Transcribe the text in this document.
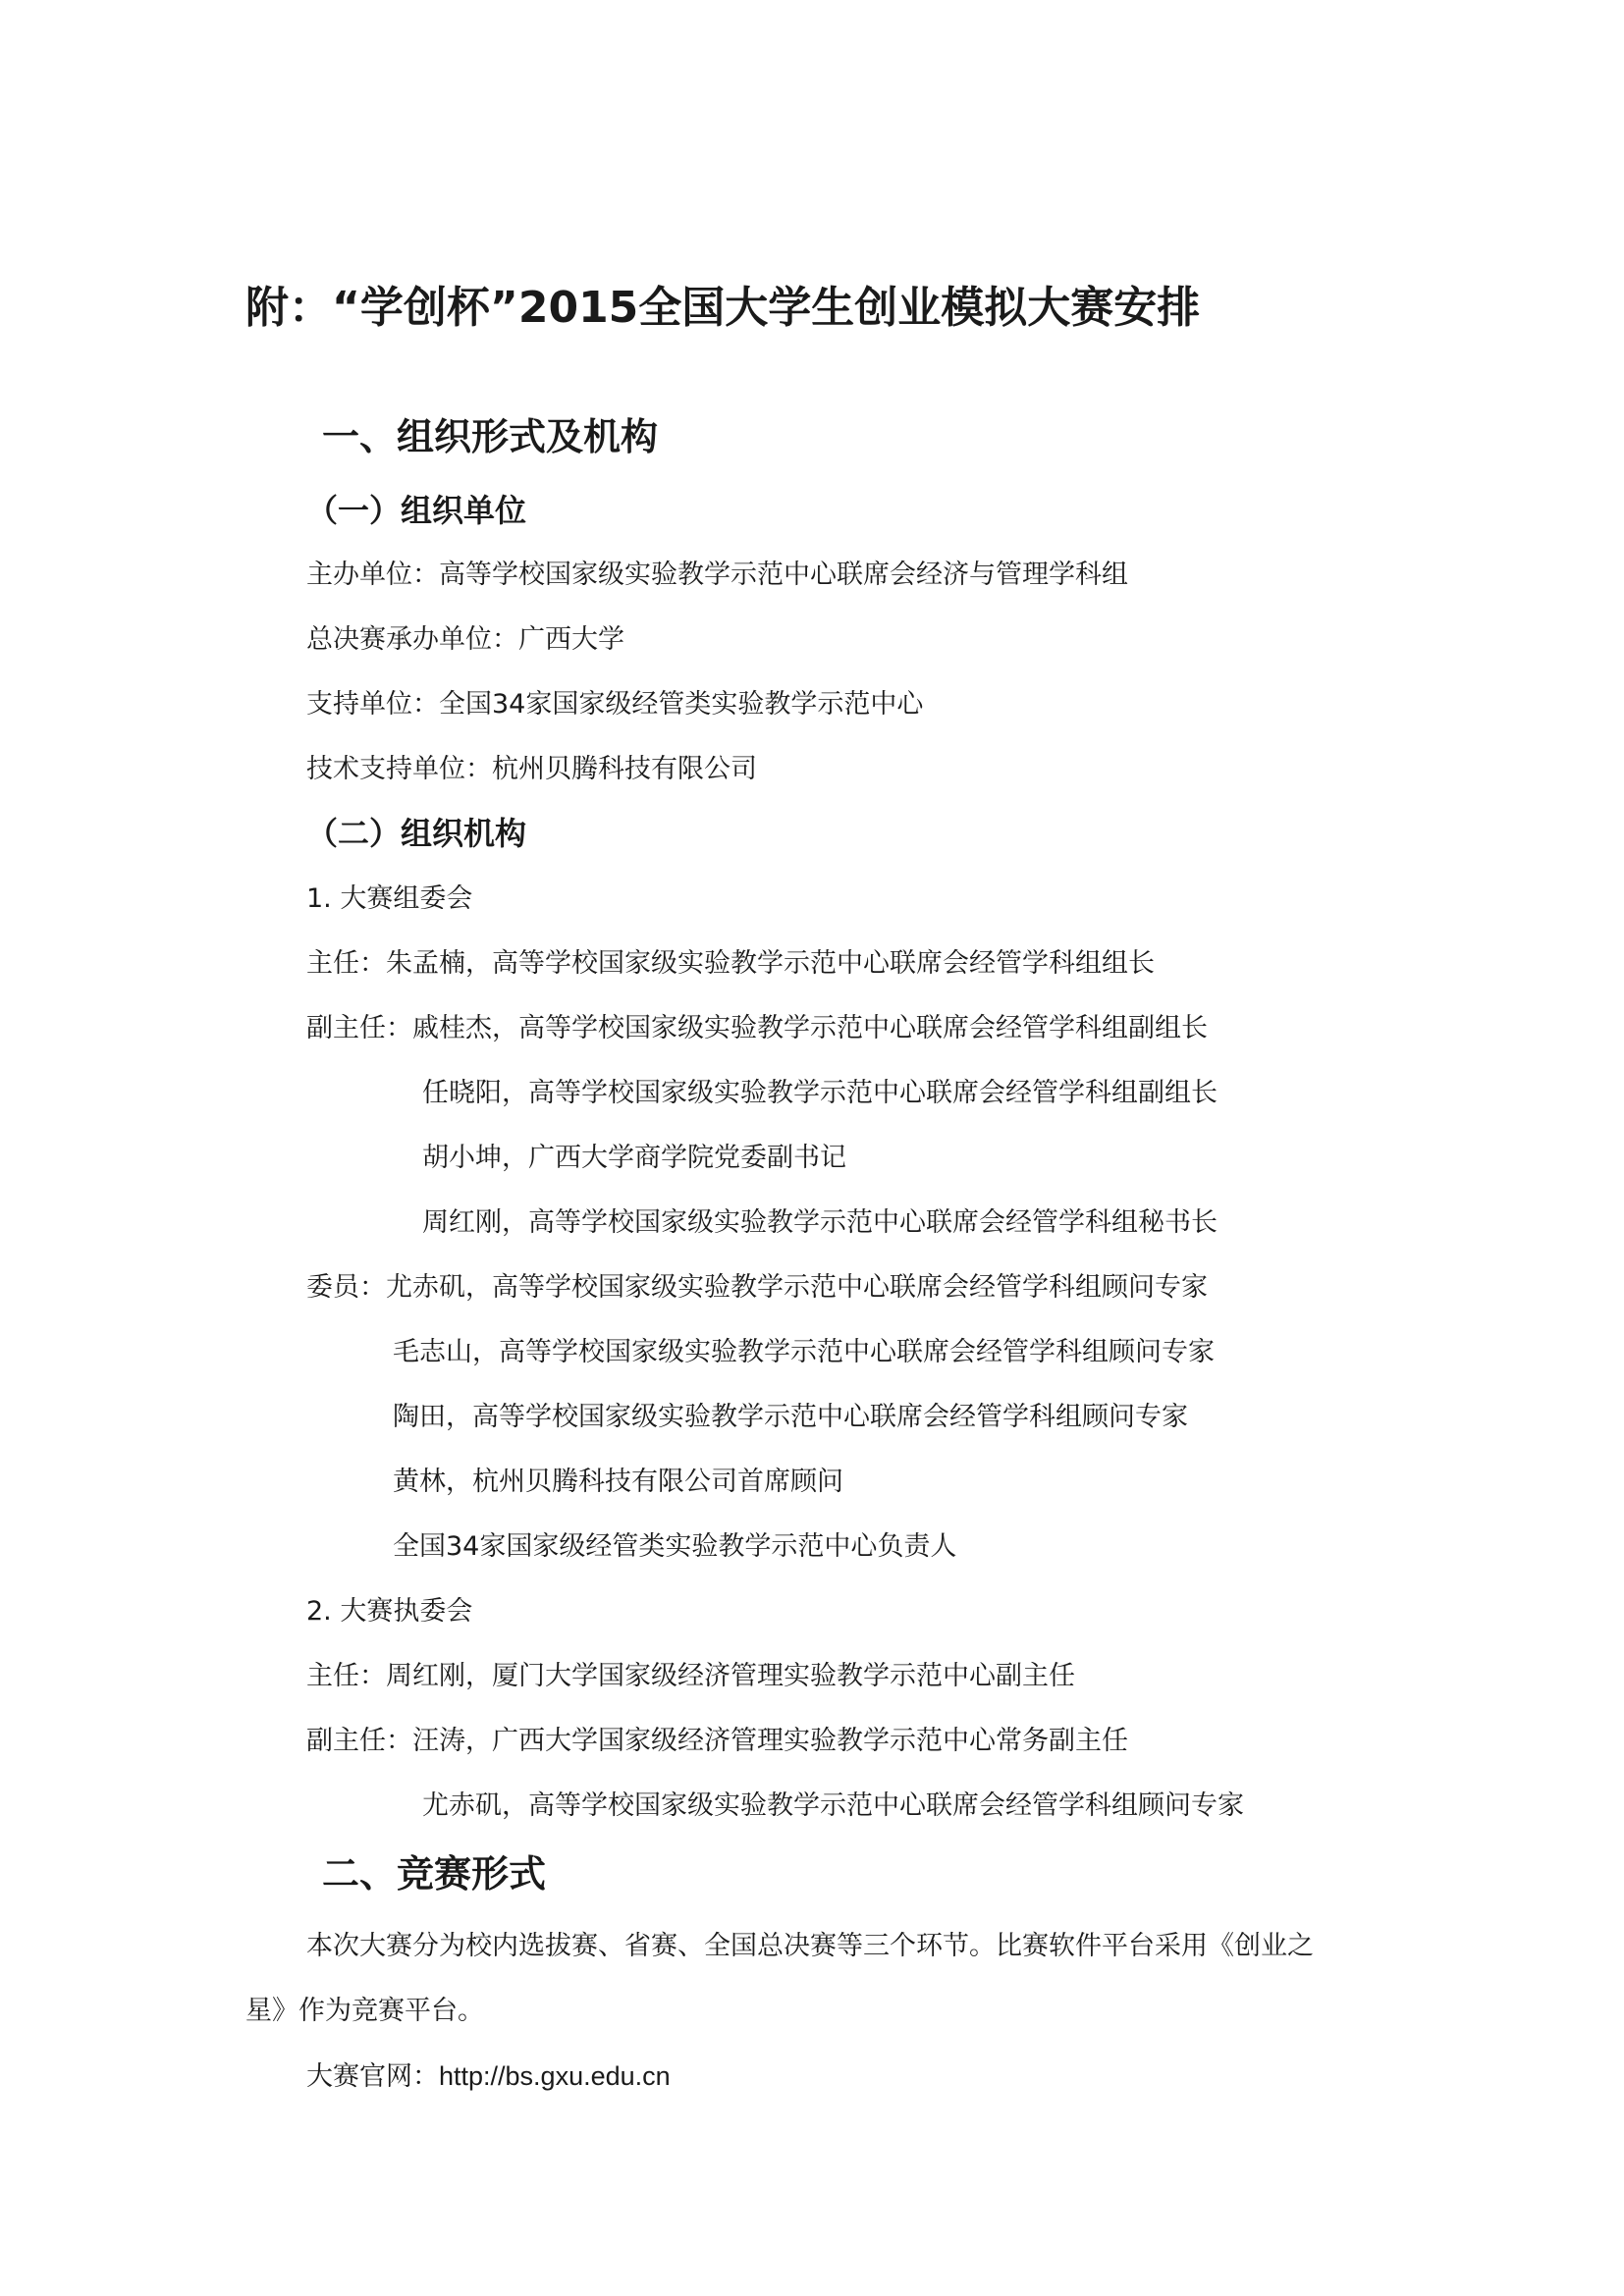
附：“学创杯”2015全国大学生创业模拟大赛安排
一、组织形式及机构
（一）组织单位
主办单位：高等学校国家级实验教学示范中心联席会经济与管理学科组
总决赛承办单位：广西大学
支持单位：全国34家国家级经管类实验教学示范中心
技术支持单位：杭州贝腾科技有限公司
（二）组织机构
1. 大赛组委会
主任：朱孟楠，高等学校国家级实验教学示范中心联席会经管学科组组长
副主任：戚桂杰，高等学校国家级实验教学示范中心联席会经管学科组副组长
任晓阳，高等学校国家级实验教学示范中心联席会经管学科组副组长
胡小坤，广西大学商学院党委副书记
周红刚，高等学校国家级实验教学示范中心联席会经管学科组秘书长
委员：尤赤矶，高等学校国家级实验教学示范中心联席会经管学科组顾问专家
毛志山，高等学校国家级实验教学示范中心联席会经管学科组顾问专家
陶田，高等学校国家级实验教学示范中心联席会经管学科组顾问专家
黄林，杭州贝腾科技有限公司首席顾问
全国34家国家级经管类实验教学示范中心负责人
2. 大赛执委会
主任：周红刚，厦门大学国家级经济管理实验教学示范中心副主任
副主任：汪涛，广西大学国家级经济管理实验教学示范中心常务副主任
尤赤矶，高等学校国家级实验教学示范中心联席会经管学科组顾问专家
二、竞赛形式
本次大赛分为校内选拔赛、省赛、全国总决赛等三个环节。比赛软件平台采用《创业之
星》作为竞赛平台。
大赛官网：http://bs.gxu.edu.cn
